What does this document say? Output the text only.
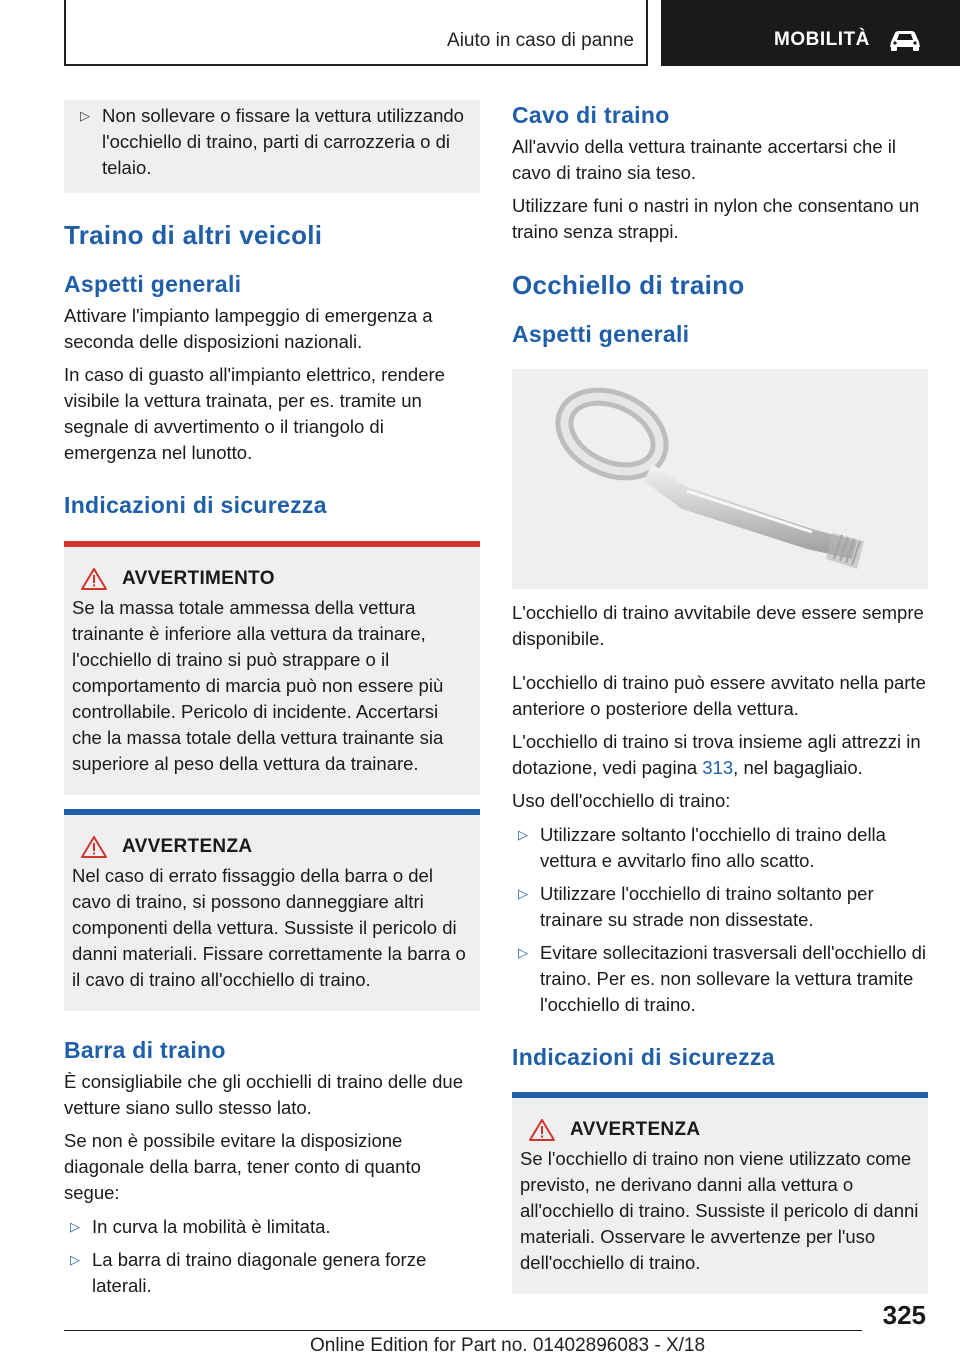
Aiuto in caso di panne	MOBILITÀ
▷ Non sollevare o fissare la vettura utilizzando l'occhiello di traino, parti di carrozzeria o di telaio.

Traino di altri veicoli
Aspetti generali

Attivare l'impianto lampeggio di emergenza a seconda delle disposizioni nazionali.

In caso di guasto all'impianto elettrico, rendere visibile la vettura trainata, per es. tramite un segnale di avvertimento o il triangolo di emergenza nel lunotto.

Indicazioni di sicurezza
AVVERTIMENTO

Se la massa totale ammessa della vettura trainante è inferiore alla vettura da trainare, l'occhiello di traino si può strappare o il comportamento di marcia può non essere più controllabile. Pericolo di incidente. Accertarsi che la massa totale della vettura trainante sia superiore al peso della vettura da trainare.

AVVERTENZA

Nel caso di errato fissaggio della barra o del cavo di traino, si possono danneggiare altri componenti della vettura. Sussiste il pericolo di danni materiali. Fissare correttamente la barra o il cavo di traino all'occhiello di traino.

Barra di traino

È consigliabile che gli occhielli di traino delle due vetture siano sullo stesso lato.

Se non è possibile evitare la disposizione diagonale della barra, tener conto di quanto segue:

▷ In curva la mobilità è limitata.

▷ La barra di traino diagonale genera forze laterali.

Cavo di traino

All'avvio della vettura trainante accertarsi che il cavo di traino sia teso.

Utilizzare funi o nastri in nylon che consentano un traino senza strappi.

Occhiello di traino
Aspetti generali

L'occhiello di traino avvitabile deve essere sempre disponibile.

L'occhiello di traino può essere avvitato nella parte anteriore o posteriore della vettura.

L'occhiello di traino si trova insieme agli attrezzi in dotazione, vedi pagina 313, nel bagagliaio.

Uso dell'occhiello di traino:

▷ Utilizzare soltanto l'occhiello di traino della vettura e avvitarlo fino allo scatto.

▷ Utilizzare l'occhiello di traino soltanto per trainare su strade non dissestate.

▷ Evitare sollecitazioni trasversali dell'occhiello di traino. Per es. non sollevare la vettura tramite l'occhiello di traino.

Indicazioni di sicurezza
AVVERTENZA

Se l'occhiello di traino non viene utilizzato come previsto, ne derivano danni alla vettura o all'occhiello di traino. Sussiste il pericolo di danni materiali. Osservare le avvertenze per l'uso dell'occhiello di traino.

325
Online Edition for Part no. 01402896083 - X/18
